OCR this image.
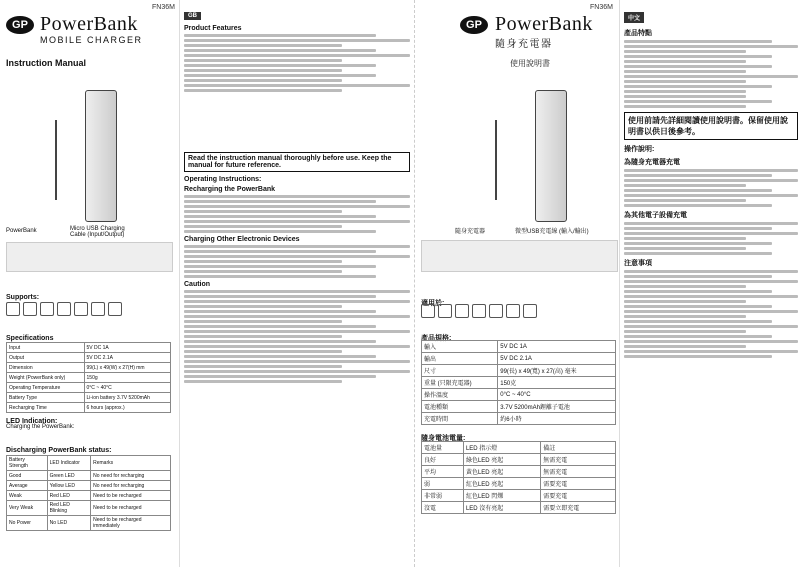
FN36M
GP PowerBank
MOBILE CHARGER
Instruction Manual
PowerBank	Micro USB Charging Cable (Input/Output)
Supports:
Specifications
Input	5V DC 1A
Output	5V DC 2.1A
Dimension	99(L) x 49(W) x 27(H) mm
Weight (PowerBank only)	150g
Operating Temperature	0°C ~ 40°C
Battery Type	Li-ion battery 3.7V 5200mAh
Recharging Time	6 hours (approx.)
LED Indication:
Charging the PowerBank:
Discharging PowerBank status:
Battery Strength	LED Indicator	Remarks
Good	Green LED	No need for recharging
Average	Yellow LED	No need for recharging
Weak	Red LED	Need to be recharged
Very Weak	Red LED Blinking	Need to be recharged
No Power	No LED	Need to be recharged immediately
GB
Product Features
Read the instruction manual thoroughly before use. Keep the manual for future reference.
Operating Instructions:
Recharging the PowerBank
Charging Other Electronic Devices
Caution
FN36M
GP PowerBank
隨身充電器
使用說明書
隨身充電器	微型USB充電線 (輸入/輸出)
適用於:
產品規格:
輸入	5V DC 1A
輸出	5V DC 2.1A
尺寸	99(長) x 49(寬) x 27(高) 毫米
重量 (只限充電器)	150克
操作溫度	0°C ~ 40°C
電池種類	3.7V 5200mAh鋰離子電池
充電時間	約6小時
隨身電池電量:
電池量	LED 指示燈	備註
良好	綠色LED 亮起	無需充電
平均	黃色LED 亮起	無需充電
弱	紅色LED 亮起	需要充電
非常弱	紅色LED 閃爍	需要充電
沒電	LED 沒有亮起	需要立即充電
中文
產品特點
使用前請先詳細閱讀使用說明書。保留使用說明書以供日後參考。
操作說明:
為隨身充電器充電
為其他電子設備充電
注意事項
